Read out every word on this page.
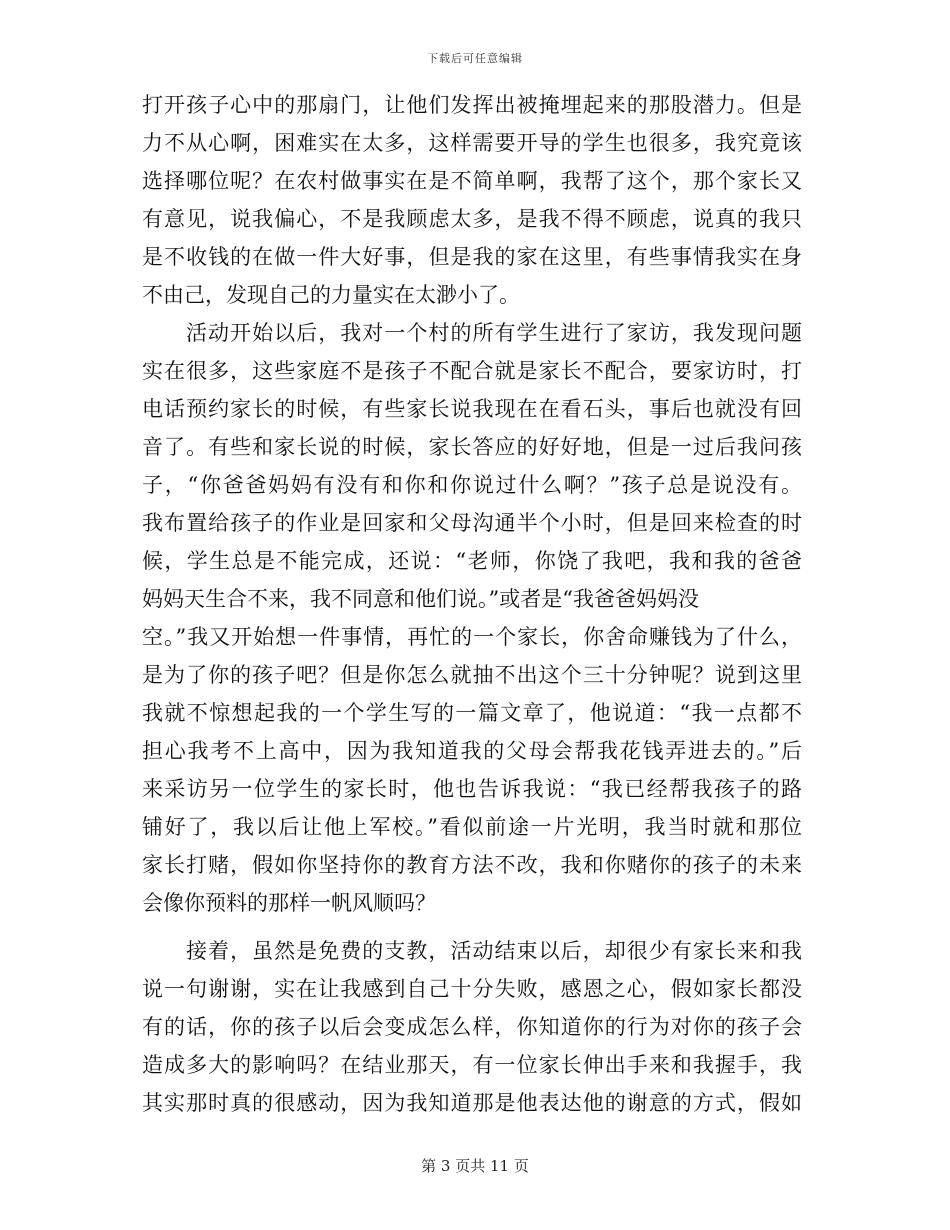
下载后可任意编辑
打开孩子心中的那扇门，让他们发挥出被掩埋起来的那股潜力。但是
力不从心啊，困难实在太多，这样需要开导的学生也很多，我究竟该
选择哪位呢？在农村做事实在是不简单啊，我帮了这个，那个家长又
有意见，说我偏心，不是我顾虑太多，是我不得不顾虑，说真的我只
是不收钱的在做一件大好事，但是我的家在这里，有些事情我实在身
不由己，发现自己的力量实在太渺小了。
活动开始以后，我对一个村的所有学生进行了家访，我发现问题
实在很多，这些家庭不是孩子不配合就是家长不配合，要家访时，打
电话预约家长的时候，有些家长说我现在在看石头，事后也就没有回
音了。有些和家长说的时候，家长答应的好好地，但是一过后我问孩
子，“你爸爸妈妈有没有和你和你说过什么啊？”孩子总是说没有。
我布置给孩子的作业是回家和父母沟通半个小时，但是回来检查的时
候，学生总是不能完成，还说：“老师，你饶了我吧，我和我的爸爸
妈妈天生合不来，我不同意和他们说。”或者是“我爸爸妈妈没
空。”我又开始想一件事情，再忙的一个家长，你舍命赚钱为了什么，
是为了你的孩子吧？但是你怎么就抽不出这个三十分钟呢？说到这里
我就不惊想起我的一个学生写的一篇文章了，他说道：“我一点都不
担心我考不上高中，因为我知道我的父母会帮我花钱弄进去的。”后
来采访另一位学生的家长时，他也告诉我说：“我已经帮我孩子的路
铺好了，我以后让他上军校。”看似前途一片光明，我当时就和那位
家长打赌，假如你坚持你的教育方法不改，我和你赌你的孩子的未来
会像你预料的那样一帆风顺吗？
接着，虽然是免费的支教，活动结束以后，却很少有家长来和我
说一句谢谢，实在让我感到自己十分失败，感恩之心，假如家长都没
有的话，你的孩子以后会变成怎么样，你知道你的行为对你的孩子会
造成多大的影响吗？在结业那天，有一位家长伸出手来和我握手，我
其实那时真的很感动，因为我知道那是他表达他的谢意的方式，假如
第 3 页共 11 页
